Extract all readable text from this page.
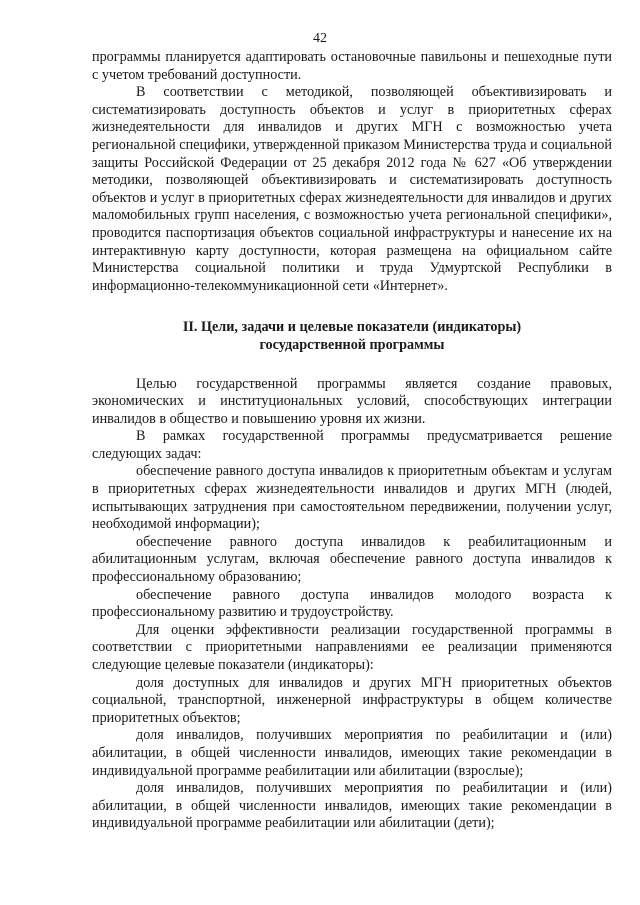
42

программы планируется адаптировать остановочные павильоны и пешеходные пути с учетом требований доступности.

В соответствии с методикой, позволяющей объективизировать и систематизировать доступность объектов и услуг в приоритетных сферах жизнедеятельности для инвалидов и других МГН с возможностью учета региональной специфики, утвержденной приказом Министерства труда и социальной защиты Российской Федерации от 25 декабря 2012 года № 627 «Об утверждении методики, позволяющей объективизировать и систематизировать доступность объектов и услуг в приоритетных сферах жизнедеятельности для инвалидов и других маломобильных групп населения, с возможностью учета региональной специфики», проводится паспортизация объектов социальной инфраструктуры и нанесение их на интерактивную карту доступности, которая размещена на официальном сайте Министерства социальной политики и труда Удмуртской Республики в информационно-телекоммуникационной сети «Интернет».

II. Цели, задачи и целевые показатели (индикаторы)
государственной программы

Целью государственной программы является создание правовых, экономических и институциональных условий, способствующих интеграции инвалидов в общество и повышению уровня их жизни.

В рамках государственной программы предусматривается решение следующих задач:

обеспечение равного доступа инвалидов к приоритетным объектам и услугам в приоритетных сферах жизнедеятельности инвалидов и других МГН (людей, испытывающих затруднения при самостоятельном передвижении, получении услуг, необходимой информации);

обеспечение равного доступа инвалидов к реабилитационным и абилитационным услугам, включая обеспечение равного доступа инвалидов к профессиональному образованию;

обеспечение равного доступа инвалидов молодого возраста к профессиональному развитию и трудоустройству.

Для оценки эффективности реализации государственной программы в соответствии с приоритетными направлениями ее реализации применяются следующие целевые показатели (индикаторы):

доля доступных для инвалидов и других МГН приоритетных объектов социальной, транспортной, инженерной инфраструктуры в общем количестве приоритетных объектов;

доля инвалидов, получивших мероприятия по реабилитации и (или) абилитации, в общей численности инвалидов, имеющих такие рекомендации в индивидуальной программе реабилитации или абилитации (взрослые);

доля инвалидов, получивших мероприятия по реабилитации и (или) абилитации, в общей численности инвалидов, имеющих такие рекомендации в индивидуальной программе реабилитации или абилитации (дети);
